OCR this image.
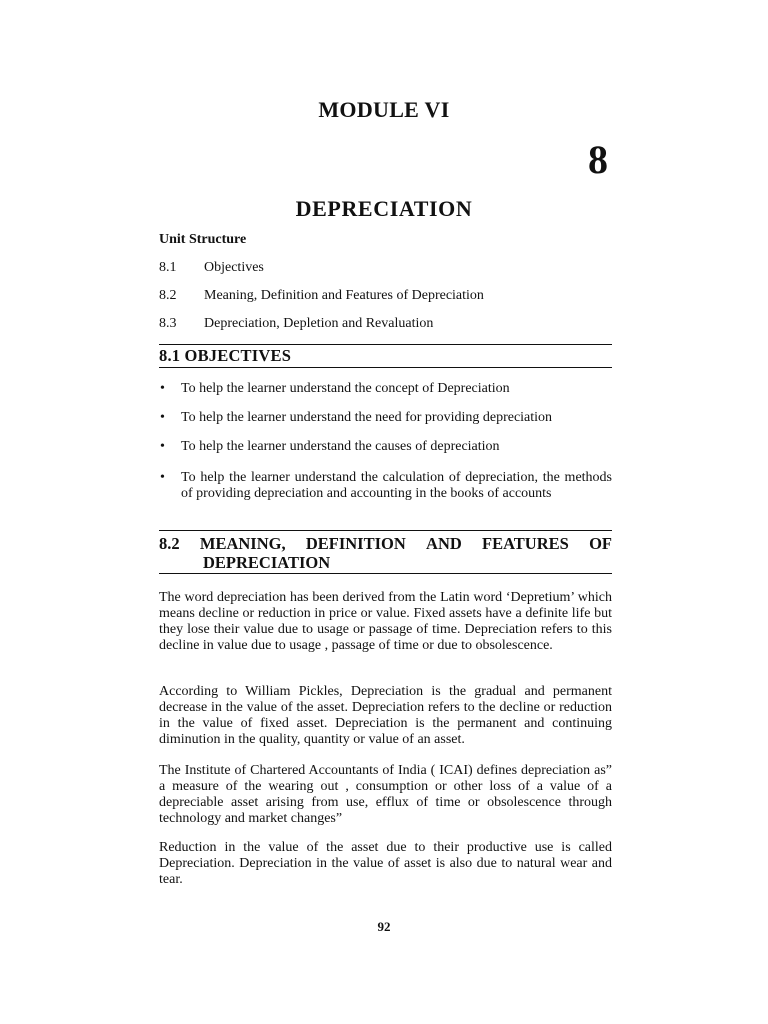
MODULE VI
8
DEPRECIATION
Unit Structure
8.1 Objectives
8.2 Meaning, Definition and Features of Depreciation
8.3 Depreciation, Depletion and Revaluation
8.1 OBJECTIVES
• To help the learner understand the concept of Depreciation
• To help the learner understand the need for providing depreciation
• To help the learner understand the causes of depreciation
• To help the learner understand the calculation of depreciation, the methods of providing depreciation and accounting in the books of accounts
8.2 MEANING, DEFINITION AND FEATURES OF
DEPRECIATION

The word depreciation has been derived from the Latin word ‘Depretium’ which means decline or reduction in price or value. Fixed assets have a definite life but they lose their value due to usage or passage of time. Depreciation refers to this decline in value due to usage , passage of time or due to obsolescence.

According to William Pickles, Depreciation is the gradual and permanent decrease in the value of the asset. Depreciation refers to the decline or reduction in the value of fixed asset. Depreciation is the permanent and continuing diminution in the quality, quantity or value of an asset.

The Institute of Chartered Accountants of India ( ICAI) defines depreciation as” a measure of the wearing out , consumption or other loss of a value of a depreciable asset arising from use, efflux of time or obsolescence through technology and market changes”

Reduction in the value of the asset due to their productive use is called Depreciation. Depreciation in the value of asset is also due to natural wear and tear.

92
